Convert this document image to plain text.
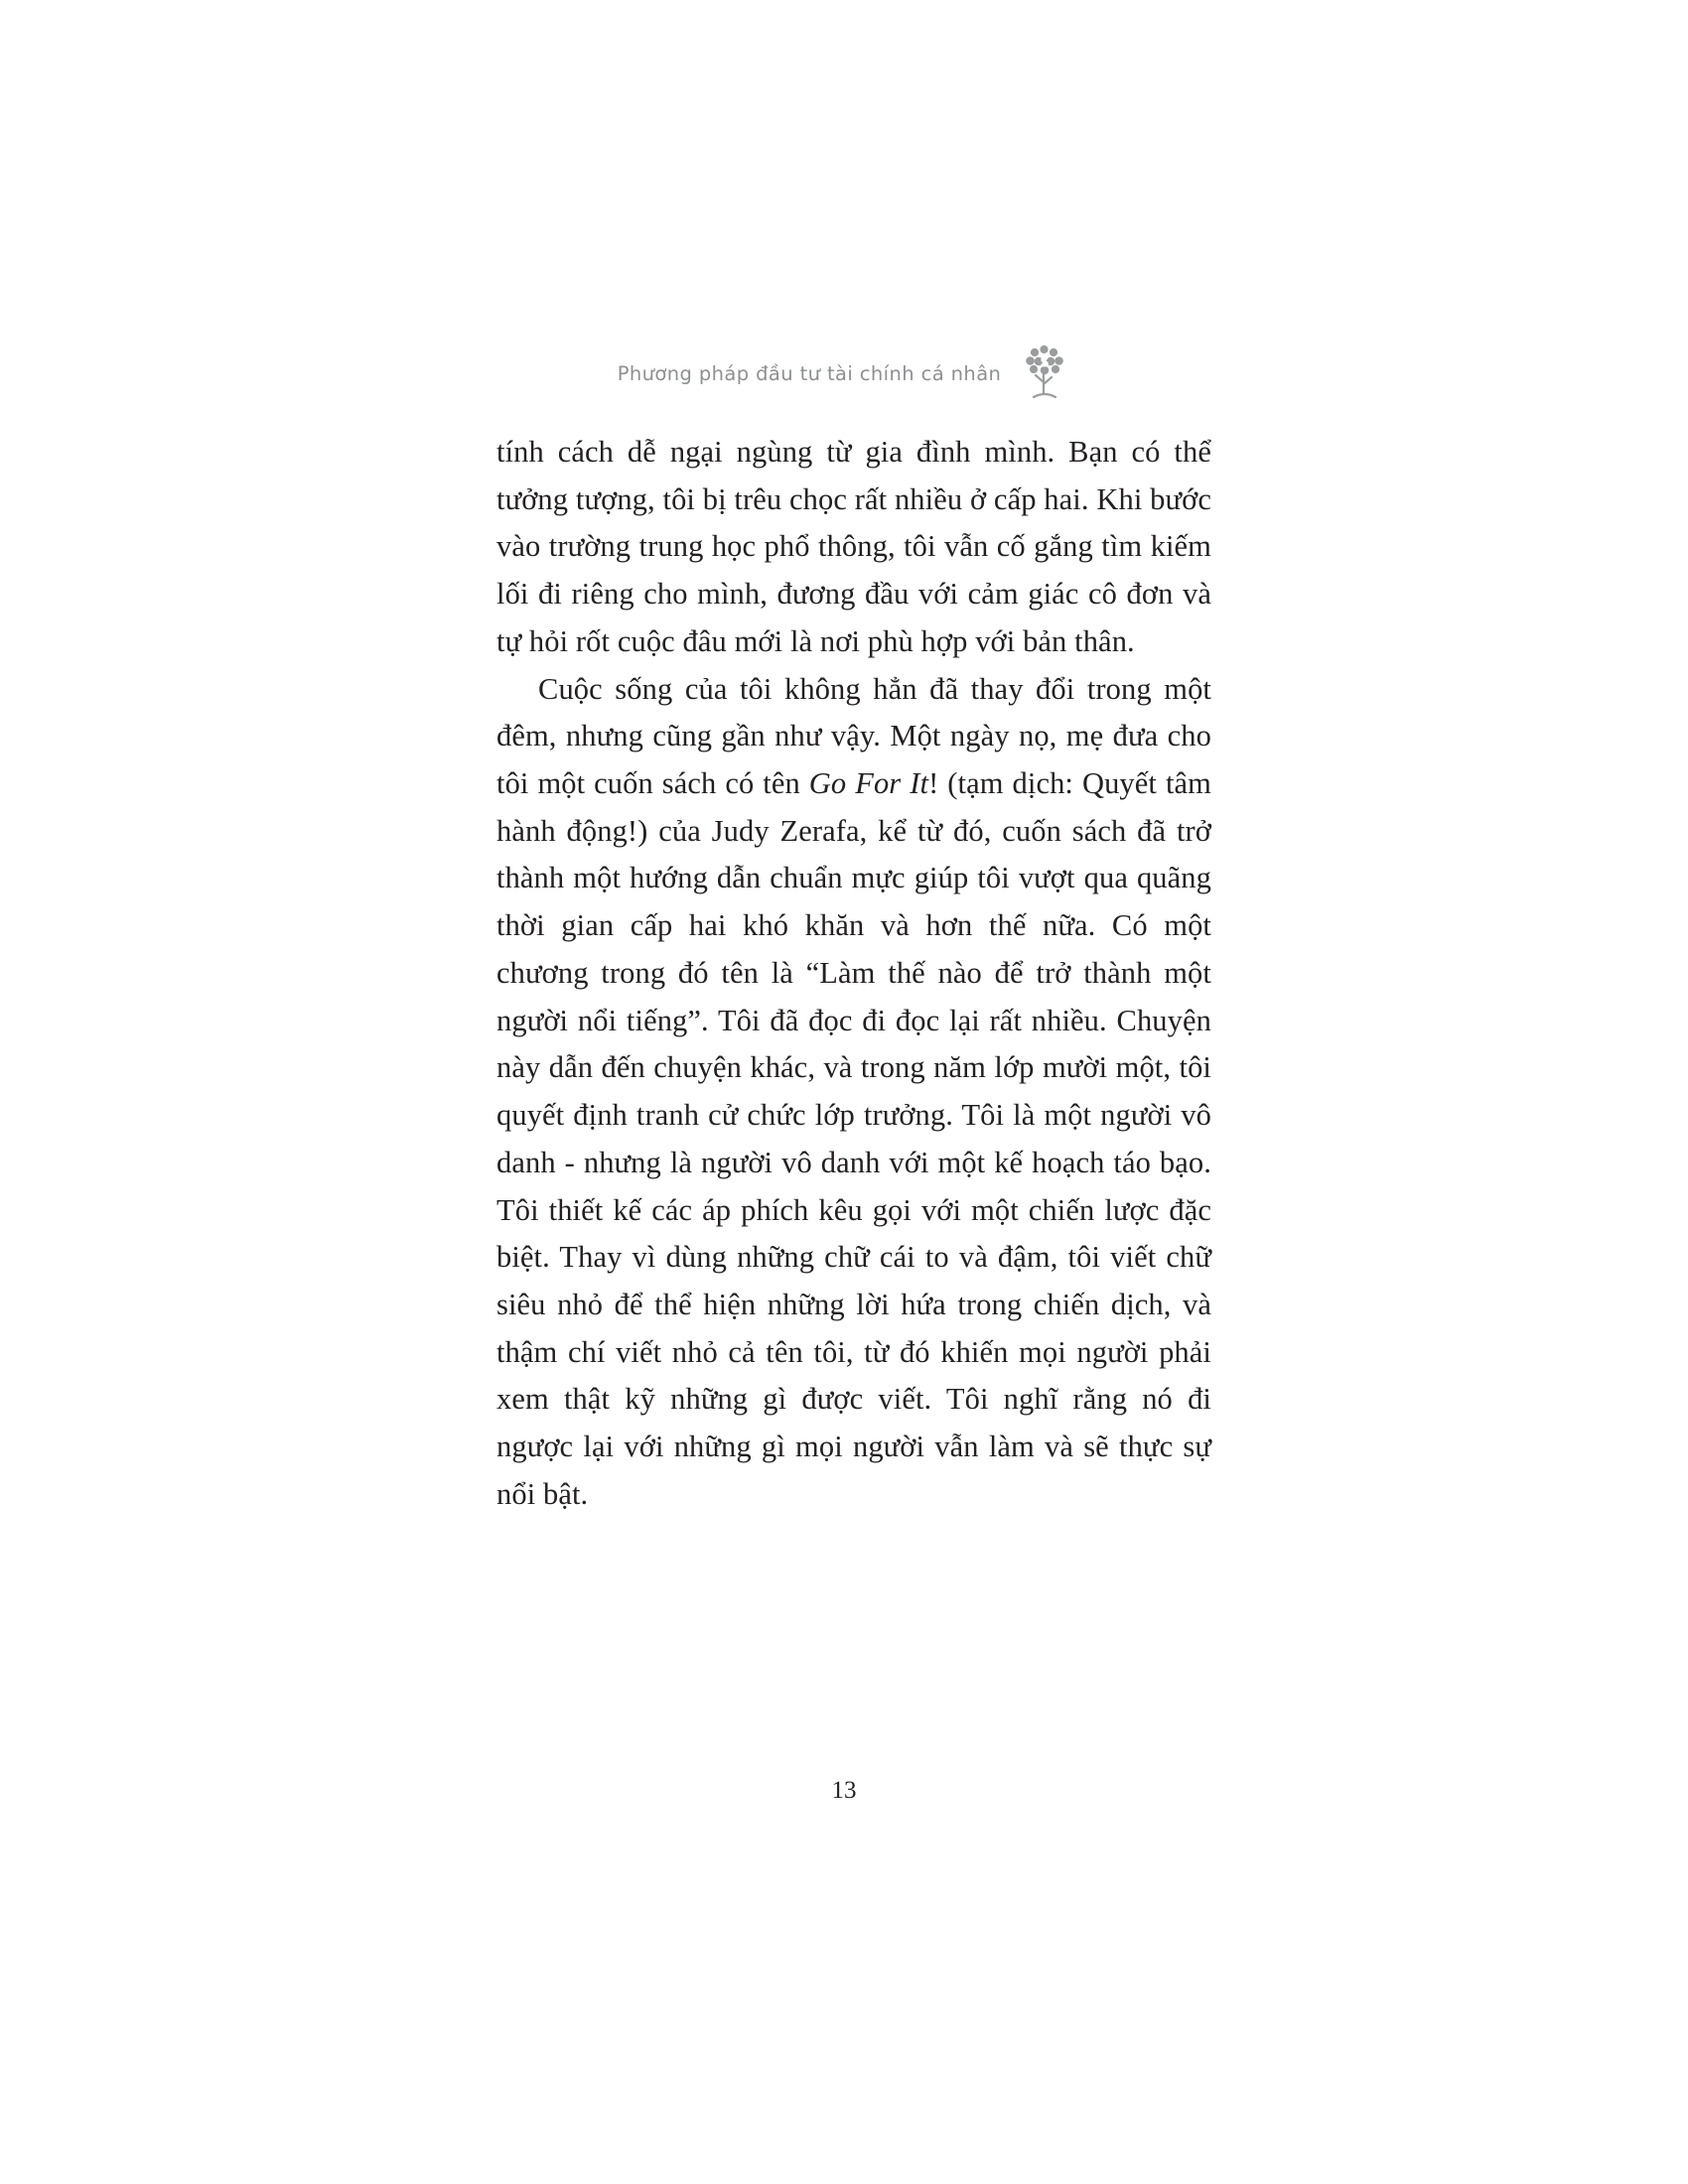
Phương pháp đầu tư tài chính cá nhân	S

tính cách dễ ngại ngùng từ gia đình mình. Bạn có thể tưởng tượng, tôi bị trêu chọc rất nhiều ở cấp hai. Khi bước vào trường trung học phổ thông, tôi vẫn cố gắng tìm kiếm lối đi riêng cho mình, đương đầu với cảm giác cô đơn và tự hỏi rốt cuộc đâu mới là nơi phù hợp với bản thân.

Cuộc sống của tôi không hẳn đã thay đổi trong một đêm, nhưng cũng gần như vậy. Một ngày nọ, mẹ đưa cho tôi một cuốn sách có tên Go For It! (tạm dịch: Quyết tâm hành động!) của Judy Zerafa, kể từ đó, cuốn sách đã trở thành một hướng dẫn chuẩn mực giúp tôi vượt qua quãng thời gian cấp hai khó khăn và hơn thế nữa. Có một chương trong đó tên là “Làm thế nào để trở thành một người nổi tiếng”. Tôi đã đọc đi đọc lại rất nhiều. Chuyện này dẫn đến chuyện khác, và trong năm lớp mười một, tôi quyết định tranh cử chức lớp trưởng. Tôi là một người vô danh - nhưng là người vô danh với một kế hoạch táo bạo. Tôi thiết kế các áp phích kêu gọi với một chiến lược đặc biệt. Thay vì dùng những chữ cái to và đậm, tôi viết chữ siêu nhỏ để thể hiện những lời hứa trong chiến dịch, và thậm chí viết nhỏ cả tên tôi, từ đó khiến mọi người phải xem thật kỹ những gì được viết. Tôi nghĩ rằng nó đi ngược lại với những gì mọi người vẫn làm và sẽ thực sự nổi bật.

13
